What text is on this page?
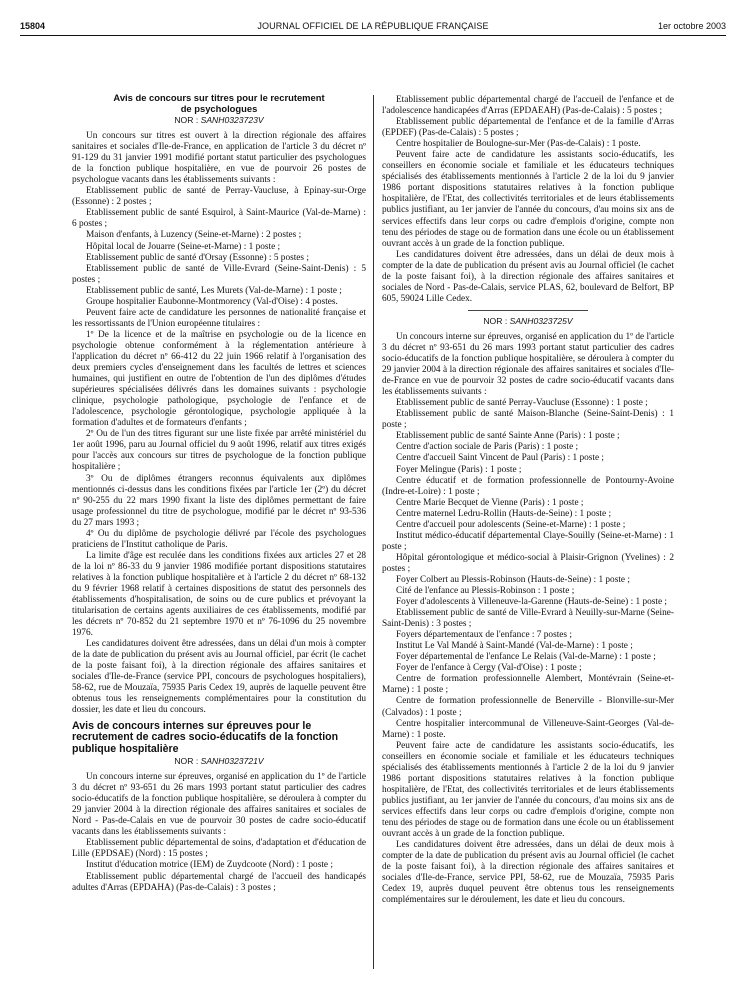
15804	JOURNAL OFFICIEL DE LA RÉPUBLIQUE FRANÇAISE	1er octobre 2003
Avis de concours sur titres pour le recrutement
de psychologues
NOR : SANH0323723V

Un concours sur titres est ouvert à la direction régionale des affaires sanitaires et sociales d'Ile-de-France, en application de l'article 3 du décret nº 91-129 du 31 janvier 1991 modifié portant statut particulier des psychologues de la fonction publique hospitalière, en vue de pourvoir 26 postes de psychologue vacants dans les établissements suivants :

Etablissement public de santé de Perray-Vaucluse, à Epinay-sur-Orge (Essonne) : 2 postes ;

Etablissement public de santé Esquirol, à Saint-Maurice (Val-de-Marne) : 6 postes ;

Maison d'enfants, à Luzency (Seine-et-Marne) : 2 postes ;

Hôpital local de Jouarre (Seine-et-Marne) : 1 poste ;

Etablissement public de santé d'Orsay (Essonne) : 5 postes ;

Etablissement public de santé de Ville-Evrard (Seine-Saint-Denis) : 5 postes ;

Etablissement public de santé, Les Murets (Val-de-Marne) : 1 poste ;

Groupe hospitalier Eaubonne-Montmorency (Val-d'Oise) : 4 postes.

Peuvent faire acte de candidature les personnes de nationalité française et les ressortissants de l'Union européenne titulaires :

1º De la licence et de la maîtrise en psychologie ou de la licence en psychologie obtenue conformément à la réglementation antérieure à l'application du décret nº 66-412 du 22 juin 1966 relatif à l'organisation des deux premiers cycles d'enseignement dans les facultés de lettres et sciences humaines, qui justifient en outre de l'obtention de l'un des diplômes d'études supérieures spécialisées délivrés dans les domaines suivants : psychologie clinique, psychologie pathologique, psychologie de l'enfance et de l'adolescence, psychologie gérontologique, psychologie appliquée à la formation d'adultes et de formateurs d'enfants ;

2º Ou de l'un des titres figurant sur une liste fixée par arrêté ministériel du 1er août 1996, paru au Journal officiel du 9 août 1996, relatif aux titres exigés pour l'accès aux concours sur titres de psychologue de la fonction publique hospitalière ;

3º Ou de diplômes étrangers reconnus équivalents aux diplômes mentionnés ci-dessus dans les conditions fixées par l'article 1er (2º) du décret nº 90-255 du 22 mars 1990 fixant la liste des diplômes permettant de faire usage professionnel du titre de psychologue, modifié par le décret nº 93-536 du 27 mars 1993 ;

4º Ou du diplôme de psychologie délivré par l'école des psychologues praticiens de l'Institut catholique de Paris.

La limite d'âge est reculée dans les conditions fixées aux articles 27 et 28 de la loi nº 86-33 du 9 janvier 1986 modifiée portant dispositions statutaires relatives à la fonction publique hospitalière et à l'article 2 du décret nº 68-132 du 9 février 1968 relatif à certaines dispositions de statut des personnels des établissements d'hospitalisation, de soins ou de cure publics et prévoyant la titularisation de certains agents auxiliaires de ces établissements, modifié par les décrets nº 70-852 du 21 septembre 1970 et nº 76-1096 du 25 novembre 1976.

Les candidatures doivent être adressées, dans un délai d'un mois à compter de la date de publication du présent avis au Journal officiel, par écrit (le cachet de la poste faisant foi), à la direction régionale des affaires sanitaires et sociales d'Ile-de-France (service PPI, concours de psychologues hospitaliers), 58-62, rue de Mouzaïa, 75935 Paris Cedex 19, auprès de laquelle peuvent être obtenus tous les renseignements complémentaires pour la constitution du dossier, les date et lieu du concours.

Avis de concours internes sur épreuves pour le recrutement de cadres socio-éducatifs de la fonction publique hospitalière
NOR : SANH0323721V

Un concours interne sur épreuves, organisé en application du 1º de l'article 3 du décret nº 93-651 du 26 mars 1993 portant statut particulier des cadres socio-éducatifs de la fonction publique hospitalière, se déroulera à compter du 29 janvier 2004 à la direction régionale des affaires sanitaires et sociales de Nord - Pas-de-Calais en vue de pourvoir 30 postes de cadre socio-éducatif vacants dans les établissements suivants :

Etablissement public départemental de soins, d'adaptation et d'éducation de Lille (EPDSAE) (Nord) : 15 postes ;

Institut d'éducation motrice (IEM) de Zuydcoote (Nord) : 1 poste ;

Etablissement public départemental chargé de l'accueil des handicapés adultes d'Arras (EPDAHA) (Pas-de-Calais) : 3 postes ;

Etablissement public départemental chargé de l'accueil de l'enfance et de l'adolescence handicapées d'Arras (EPDAEAH) (Pas-de-Calais) : 5 postes ;

Etablissement public départemental de l'enfance et de la famille d'Arras (EPDEF) (Pas-de-Calais) : 5 postes ;

Centre hospitalier de Boulogne-sur-Mer (Pas-de-Calais) : 1 poste.

Peuvent faire acte de candidature les assistants socio-éducatifs, les conseillers en économie sociale et familiale et les éducateurs techniques spécialisés des établissements mentionnés à l'article 2 de la loi du 9 janvier 1986 portant dispositions statutaires relatives à la fonction publique hospitalière, de l'Etat, des collectivités territoriales et de leurs établissements publics justifiant, au 1er janvier de l'année du concours, d'au moins six ans de services effectifs dans leur corps ou cadre d'emplois d'origine, compte non tenu des périodes de stage ou de formation dans une école ou un établissement ouvrant accès à un grade de la fonction publique.

Les candidatures doivent être adressées, dans un délai de deux mois à compter de la date de publication du présent avis au Journal officiel (le cachet de la poste faisant foi), à la direction régionale des affaires sanitaires et sociales de Nord - Pas-de-Calais, service PLAS, 62, boulevard de Belfort, BP 605, 59024 Lille Cedex.

NOR : SANH0323725V

Un concours interne sur épreuves, organisé en application du 1º de l'article 3 du décret nº 93-651 du 26 mars 1993 portant statut particulier des cadres socio-éducatifs de la fonction publique hospitalière, se déroulera à compter du 29 janvier 2004 à la direction régionale des affaires sanitaires et sociales d'Ile-de-France en vue de pourvoir 32 postes de cadre socio-éducatif vacants dans les établissements suivants :

Etablissement public de santé Perray-Vaucluse (Essonne) : 1 poste ;

Etablissement public de santé Maison-Blanche (Seine-Saint-Denis) : 1 poste ;

Etablissement public de santé Sainte Anne (Paris) : 1 poste ;

Centre d'action sociale de Paris (Paris) : 1 poste ;

Centre d'accueil Saint Vincent de Paul (Paris) : 1 poste ;

Foyer Melingue (Paris) : 1 poste ;

Centre éducatif et de formation professionnelle de Pontourny-Avoine (Indre-et-Loire) : 1 poste ;

Centre Marie Becquet de Vienne (Paris) : 1 poste ;

Centre maternel Ledru-Rollin (Hauts-de-Seine) : 1 poste ;

Centre d'accueil pour adolescents (Seine-et-Marne) : 1 poste ;

Institut médico-éducatif départemental Claye-Souilly (Seine-et-Marne) : 1 poste ;

Hôpital gérontologique et médico-social à Plaisir-Grignon (Yvelines) : 2 postes ;

Foyer Colbert au Plessis-Robinson (Hauts-de-Seine) : 1 poste ;

Cité de l'enfance au Plessis-Robinson : 1 poste ;

Foyer d'adolescents à Villeneuve-la-Garenne (Hauts-de-Seine) : 1 poste ;

Etablissement public de santé de Ville-Evrard à Neuilly-sur-Marne (Seine-Saint-Denis) : 3 postes ;

Foyers départementaux de l'enfance : 7 postes ;

Institut Le Val Mandé à Saint-Mandé (Val-de-Marne) : 1 poste ;

Foyer départemental de l'enfance Le Relais (Val-de-Marne) : 1 poste ;

Foyer de l'enfance à Cergy (Val-d'Oise) : 1 poste ;

Centre de formation professionnelle Alembert, Montévrain (Seine-et-Marne) : 1 poste ;

Centre de formation professionnelle de Benerville - Blonville-sur-Mer (Calvados) : 1 poste ;

Centre hospitalier intercommunal de Villeneuve-Saint-Georges (Val-de-Marne) : 1 poste.

Peuvent faire acte de candidature les assistants socio-éducatifs, les conseillers en économie sociale et familiale et les éducateurs techniques spécialisés des établissements mentionnés à l'article 2 de la loi du 9 janvier 1986 portant dispositions statutaires relatives à la fonction publique hospitalière, de l'Etat, des collectivités territoriales et de leurs établissements publics justifiant, au 1er janvier de l'année du concours, d'au moins six ans de services effectifs dans leur corps ou cadre d'emplois d'origine, compte non tenu des périodes de stage ou de formation dans une école ou un établissement ouvrant accès à un grade de la fonction publique.

Les candidatures doivent être adressées, dans un délai de deux mois à compter de la date de publication du présent avis au Journal officiel (le cachet de la poste faisant foi), à la direction régionale des affaires sanitaires et sociales d'Ile-de-France, service PPI, 58-62, rue de Mouzaïa, 75935 Paris Cedex 19, auprès duquel peuvent être obtenus tous les renseignements complémentaires sur le déroulement, les date et lieu du concours.
